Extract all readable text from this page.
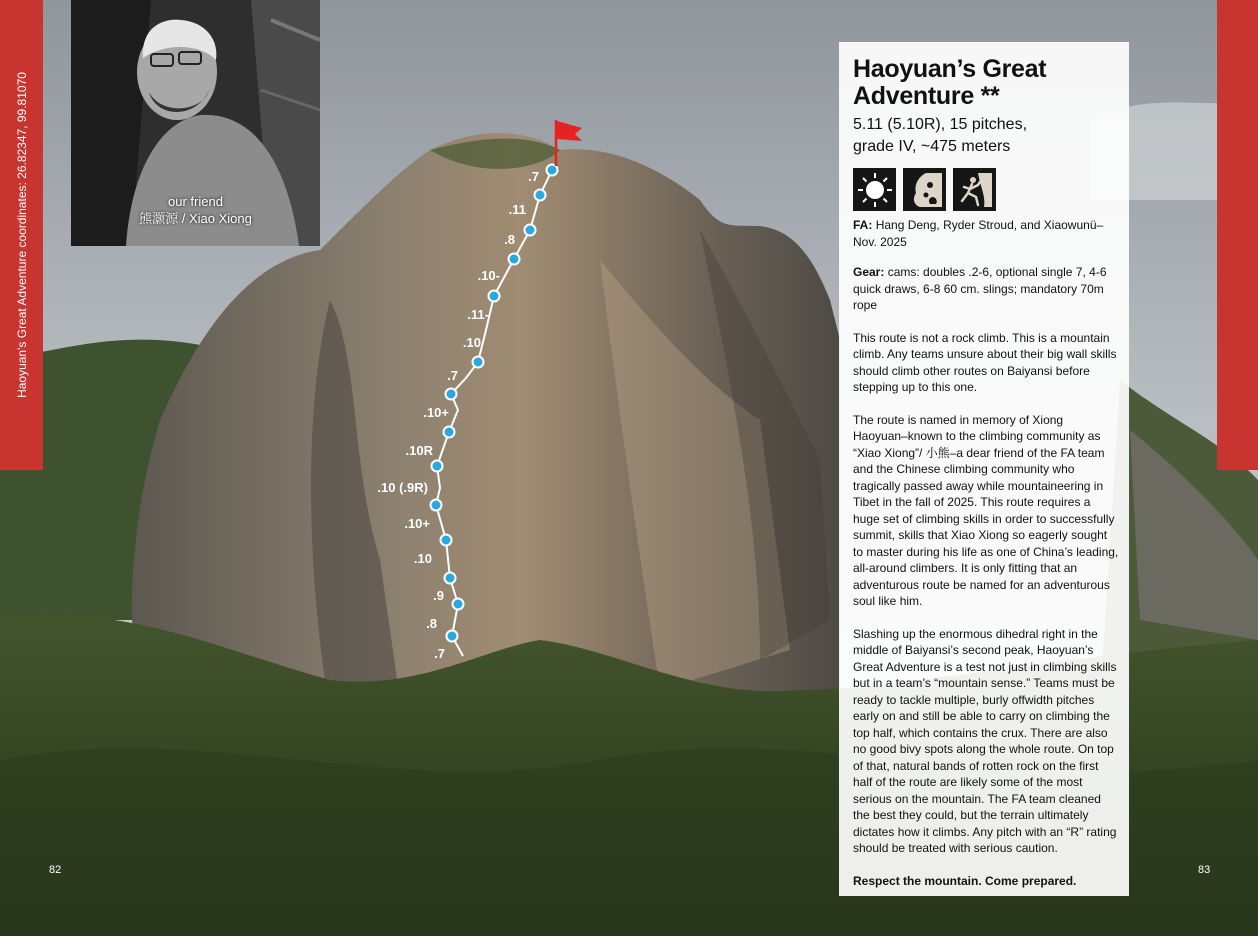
.7
.11
.8
.10-
.11-
.10
.7
.10+
.10R
.10 (.9R)
.10+
.10
.9
.8
.7
Haoyuan's Great Adventure coordinates: 26.82347, 99.81070	our friend
熊灏源 / Xiao Xiong
Haoyuan’s Great Adventure **
5.11 (5.10R), 15 pitches,
grade IV, ~475 meters

FA: Hang Deng, Ryder Stroud, and Xiaowunü–Nov. 2025

Gear: cams: doubles .2-6, optional single 7, 4-6 quick draws, 6-8 60 cm. slings; mandatory 70m rope

This route is not a rock climb. This is a mountain climb. Any teams unsure about their big wall skills should climb other routes on Baiyansi before stepping up to this one.

The route is named in memory of Xiong Haoyuan–known to the climbing community as “Xiao Xiong”/ 小熊–a dear friend of the FA team and the Chinese climbing community who tragically passed away while mountaineering in Tibet in the fall of 2025. This route requires a huge set of climbing skills in order to successfully summit, skills that Xiao Xiong so eagerly sought to master during his life as one of China’s leading, all-around climbers. It is only fitting that an adventurous route be named for an adventurous soul like him.

Slashing up the enormous dihedral right in the middle of Baiyansi’s second peak, Haoyuan’s Great Adventure is a test not just in climbing skills but in a team’s “mountain sense.” Teams must be ready to tackle multiple, burly offwidth pitches early on and still be able to carry on climbing the top half, which contains the crux. There are also no good bivy spots along the whole route. On top of that, natural bands of rotten rock on the first half of the route are likely some of the most serious on the mountain. The FA team cleaned the best they could, but the terrain ultimately dictates how it climbs. Any pitch with an “R” rating should be treated with serious caution.

Respect the mountain. Come prepared.

82	83
